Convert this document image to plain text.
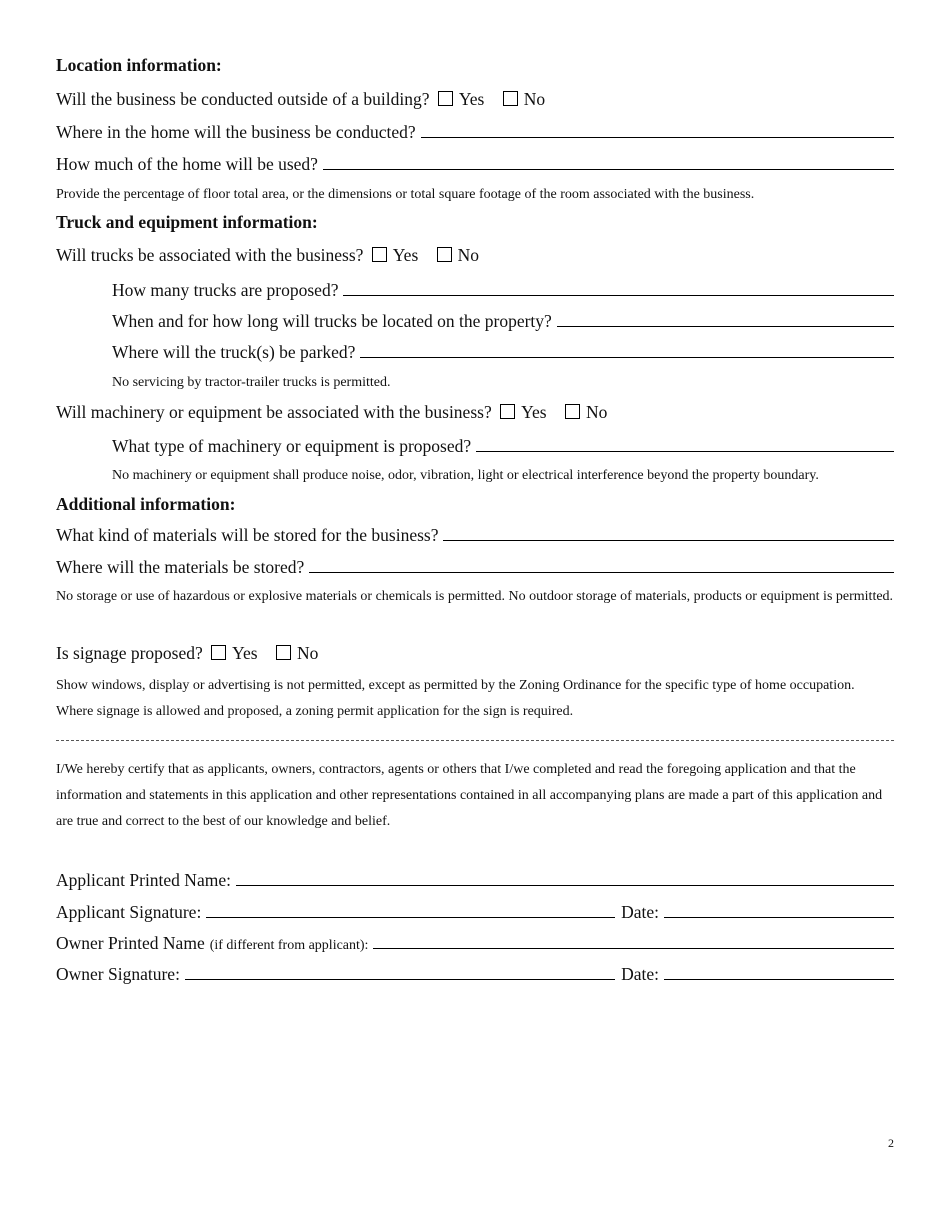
Location information:
Will the business be conducted outside of a building? Yes No
Where in the home will the business be conducted?
How much of the home will be used?
Provide the percentage of floor total area, or the dimensions or total square footage of the room associated with the business.
Truck and equipment information:
Will trucks be associated with the business? Yes No
How many trucks are proposed?
When and for how long will trucks be located on the property?
Where will the truck(s) be parked?
No servicing by tractor-trailer trucks is permitted.
Will machinery or equipment be associated with the business? Yes No
What type of machinery or equipment is proposed?
No machinery or equipment shall produce noise, odor, vibration, light or electrical interference beyond the property boundary.
Additional information:
What kind of materials will be stored for the business?
Where will the materials be stored?
No storage or use of hazardous or explosive materials or chemicals is permitted. No outdoor storage of materials, products or equipment is permitted.
Is signage proposed? Yes No
Show windows, display or advertising is not permitted, except as permitted by the Zoning Ordinance for the specific type of home occupation. Where signage is allowed and proposed, a zoning permit application for the sign is required.
I/We hereby certify that as applicants, owners, contractors, agents or others that I/we completed and read the foregoing application and that the information and statements in this application and other representations contained in all accompanying plans are made a part of this application and are true and correct to the best of our knowledge and belief.
Applicant Printed Name:
Applicant Signature:	Date:
Owner Printed Name (if different from applicant):
Owner Signature:	Date:
2
